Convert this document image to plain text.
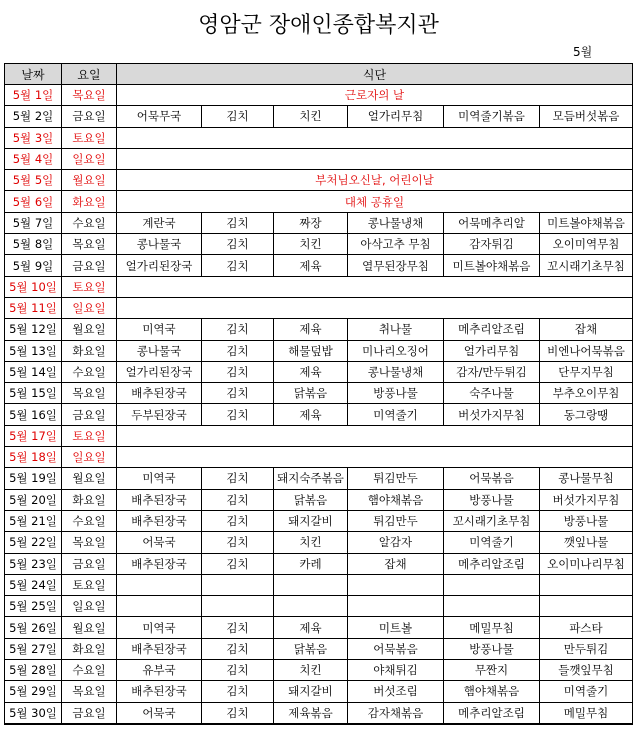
영암군 장애인종합복지관
5월
날짜	요일	식단					
5월 1일	목요일	근로자의 날					
5월 2일	금요일	어묵무국	김치	치킨	얼가리무침	미역줄기볶음	모듬버섯볶음
5월 3일	토요일						
5월 4일	일요일						
5월 5일	월요일	부처님오신날, 어린이날					
5월 6일	화요일	대체 공휴일					
5월 7일	수요일	계란국	김치	짜장	콩나물냉채	어묵메추리알	미트볼야채볶음
5월 8일	목요일	콩나물국	김치	치킨	아삭고추 무침	감자튀김	오이미역무침
5월 9일	금요일	얼가리된장국	김치	제육	열무된장무침	미트볼야채볶음	꼬시래기초무침
5월 10일	토요일						
5월 11일	일요일						
5월 12일	월요일	미역국	김치	제육	취나물	메추리알조림	잡채
5월 13일	화요일	콩나물국	김치	해물덮밥	미나리오징어	얼가리무침	비엔나어묵볶음
5월 14일	수요일	얼가리된장국	김치	제육	콩나물냉채	감자/만두튀김	단무지무침
5월 15일	목요일	배추된장국	김치	닭볶음	방풍나물	숙주나물	부추오이무침
5월 16일	금요일	두부된장국	김치	제육	미역줄기	버섯가지무침	동그랑땡
5월 17일	토요일						
5월 18일	일요일						
5월 19일	월요일	미역국	김치	돼지숙주볶음	튀김만두	어묵볶음	콩나물무침
5월 20일	화요일	배추된장국	김치	닭볶음	햄야채볶음	방풍나물	버섯가지무침
5월 21일	수요일	배추된장국	김치	돼지갈비	튀김만두	꼬시래기초무침	방풍나물
5월 22일	목요일	어묵국	김치	치킨	알감자	미역줄기	깻잎나물
5월 23일	금요일	배추된장국	김치	카레	잡채	메추리알조림	오이미나리무침
5월 24일	토요일						
5월 25일	일요일						
5월 26일	월요일	미역국	김치	제육	미트볼	메밀무침	파스타
5월 27일	화요일	배추된장국	김치	닭볶음	어묵볶음	방풍나물	만두튀김
5월 28일	수요일	유부국	김치	치킨	야채튀김	무짠지	들깻잎무침
5월 29일	목요일	배추된장국	김치	돼지갈비	버섯조림	햄야채볶음	미역줄기
5월 30일	금요일	어묵국	김치	제육볶음	감자채볶음	메추리알조림	메밀무침
